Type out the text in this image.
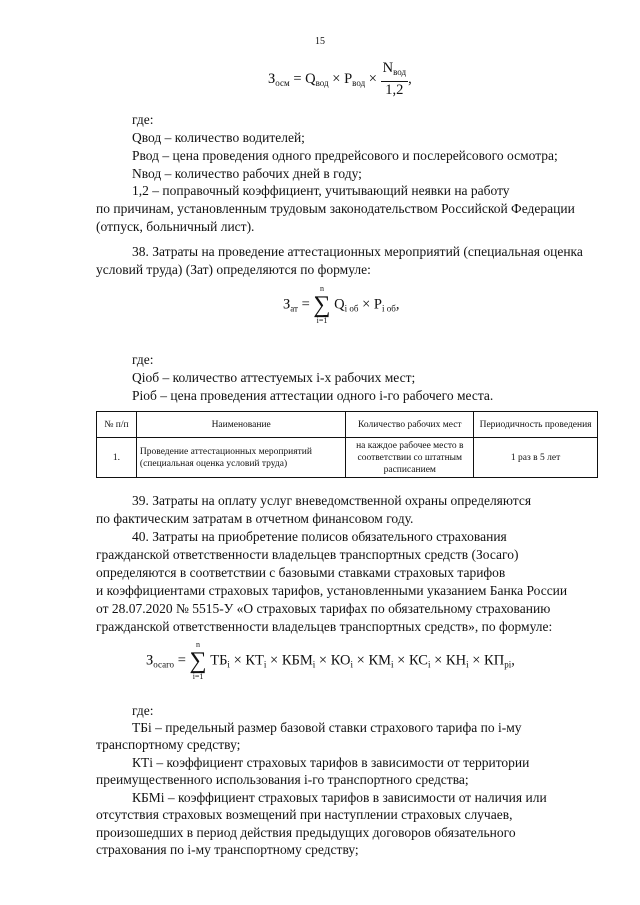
15
$З_{осм} = Q_{вод} \times P_{вод} \times \frac{N_{вод}}{1,2}$ ,
где:
Qвод – количество водителей;
Pвод – цена проведения одного предрейсового и послерейсового осмотра;
Nвод – количество рабочих дней в году;
1,2 – поправочный коэффициент, учитывающий неявки на работу
по причинам, установленным трудовым законодательством Российской Федерации
(отпуск, больничный лист).
38. Затраты на проведение аттестационных мероприятий (специальная оценка
условий труда) (Зат) определяются по формуле:
$З_{ат}$ =
n
∑
i=1
$Q_{i об} \times P_{i об}$,
где:
Qioб – количество аттестуемых i-х рабочих мест;
Pioб – цена проведения аттестации одного i-го рабочего места.
№ п/п	Наименование	Количество рабочих мест	Периодичность проведения
1.	Проведение аттестационных мероприятий (специальная оценка условий труда)	на каждое рабочее место в соответствии со штатным расписанием	1 раз в 5 лет
39. Затраты на оплату услуг вневедомственной охраны определяются
по фактическим затратам в отчетном финансовом году.
40. Затраты на приобретение полисов обязательного страхования
гражданской ответственности владельцев транспортных средств (Зосаго)
определяются в соответствии с базовыми ставками страховых тарифов
и коэффициентами страховых тарифов, установленными указанием Банка России
от 28.07.2020 № 5515-У «О страховых тарифах по обязательному страхованию
гражданской ответственности владельцев транспортных средств», по формуле:
$З_{осаго}$ =
n
∑
i=1
$ТБ_i \times КТ_i \times КБМ_i \times КО_i \times КМ_i \times КС_i \times КН_i \times КП_{pi}$,
где:
ТБi – предельный размер базовой ставки страхового тарифа по i-му
транспортному средству;
КТi – коэффициент страховых тарифов в зависимости от территории
преимущественного использования i-го транспортного средства;
КБМi – коэффициент страховых тарифов в зависимости от наличия или
отсутствия страховых возмещений при наступлении страховых случаев,
произошедших в период действия предыдущих договоров обязательного
страхования по i-му транспортному средству;
